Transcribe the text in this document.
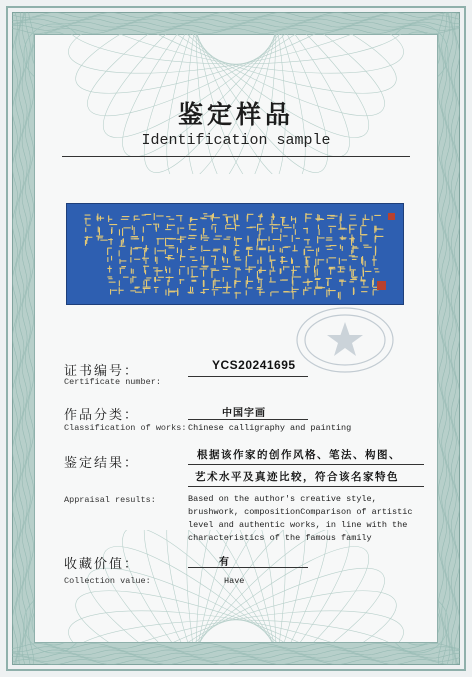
鉴定样品
Identification sample
证书编号：
Certificate number:
YCS20241695
作品分类：
Classification of works:
中国字画
Chinese calligraphy and painting
鉴定结果：
根据该作家的创作风格、笔法、构图、
艺术水平及真迹比较，符合该名家特色
Appraisal results:	Based on the author's creative style,
brushwork, compositionComparison of artistic
level and authentic works, in line with the
characteristics of the famous family
收藏价值：
Collection value:
有
Have
